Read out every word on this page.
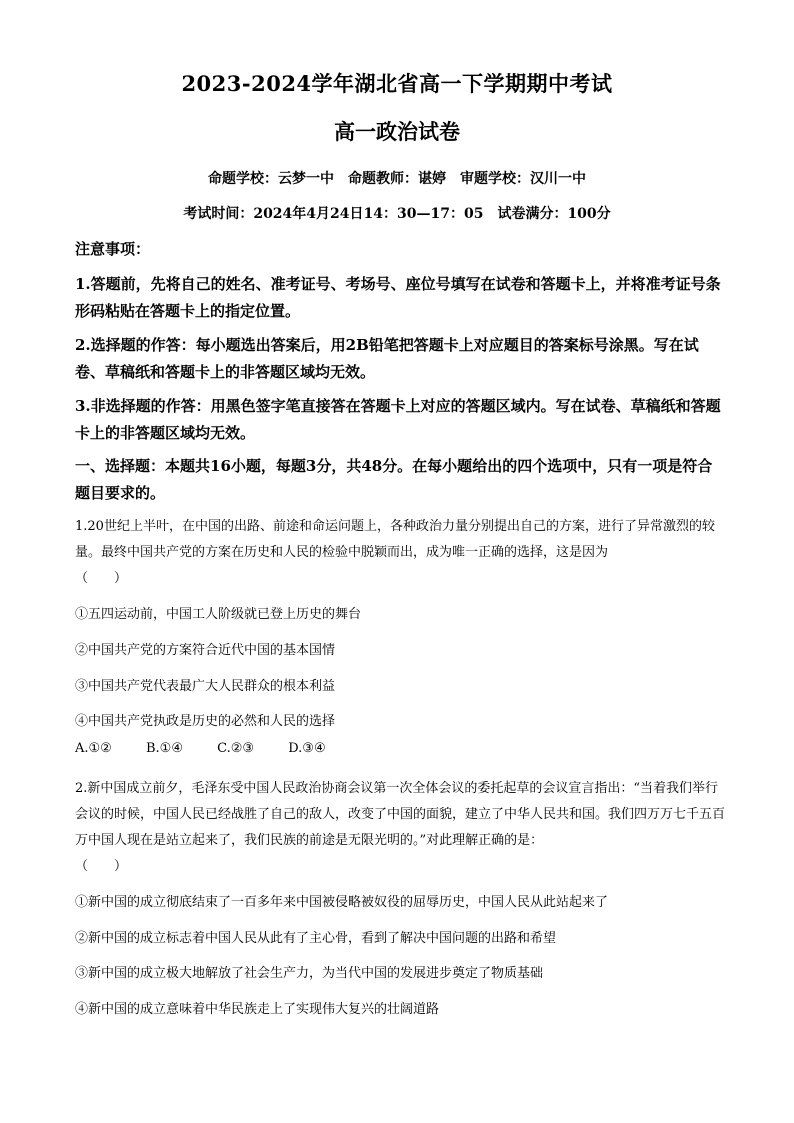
2023-2024学年湖北省高一下学期期中考试
高一政治试卷
命题学校：云梦一中　命题教师：谌婷　审题学校：汉川一中
考试时间：2024年4月24日14：30—17：05　试卷满分：100分
注意事项：
1.答题前，先将自己的姓名、准考证号、考场号、座位号填写在试卷和答题卡上，并将准考证号条形码粘贴在答题卡上的指定位置。
2.选择题的作答：每小题选出答案后，用2B铅笔把答题卡上对应题目的答案标号涂黑。写在试卷、草稿纸和答题卡上的非答题区域均无效。
3.非选择题的作答：用黑色签字笔直接答在答题卡上对应的答题区域内。写在试卷、草稿纸和答题卡上的非答题区域均无效。
一、选择题：本题共16小题，每题3分，共48分。在每小题给出的四个选项中，只有一项是符合题目要求的。
1.20世纪上半叶，在中国的出路、前途和命运问题上，各种政治力量分别提出自己的方案，进行了异常激烈的较量。最终中国共产党的方案在历史和人民的检验中脱颖而出，成为唯一正确的选择，这是因为
（　　）
①五四运动前，中国工人阶级就已登上历史的舞台
②中国共产党的方案符合近代中国的基本国情
③中国共产党代表最广大人民群众的根本利益
④中国共产党执政是历史的必然和人民的选择
A.①②	B.①④	C.②③	D.③④
2.新中国成立前夕，毛泽东受中国人民政治协商会议第一次全体会议的委托起草的会议宣言指出：“当着我们举行会议的时候，中国人民已经战胜了自己的敌人，改变了中国的面貌，建立了中华人民共和国。我们四万万七千五百万中国人现在是站立起来了，我们民族的前途是无限光明的。”对此理解正确的是：
（　　）
①新中国的成立彻底结束了一百多年来中国被侵略被奴役的屈辱历史，中国人民从此站起来了
②新中国的成立标志着中国人民从此有了主心骨，看到了解决中国问题的出路和希望
③新中国的成立极大地解放了社会生产力，为当代中国的发展进步奠定了物质基础
④新中国的成立意味着中华民族走上了实现伟大复兴的壮阔道路
